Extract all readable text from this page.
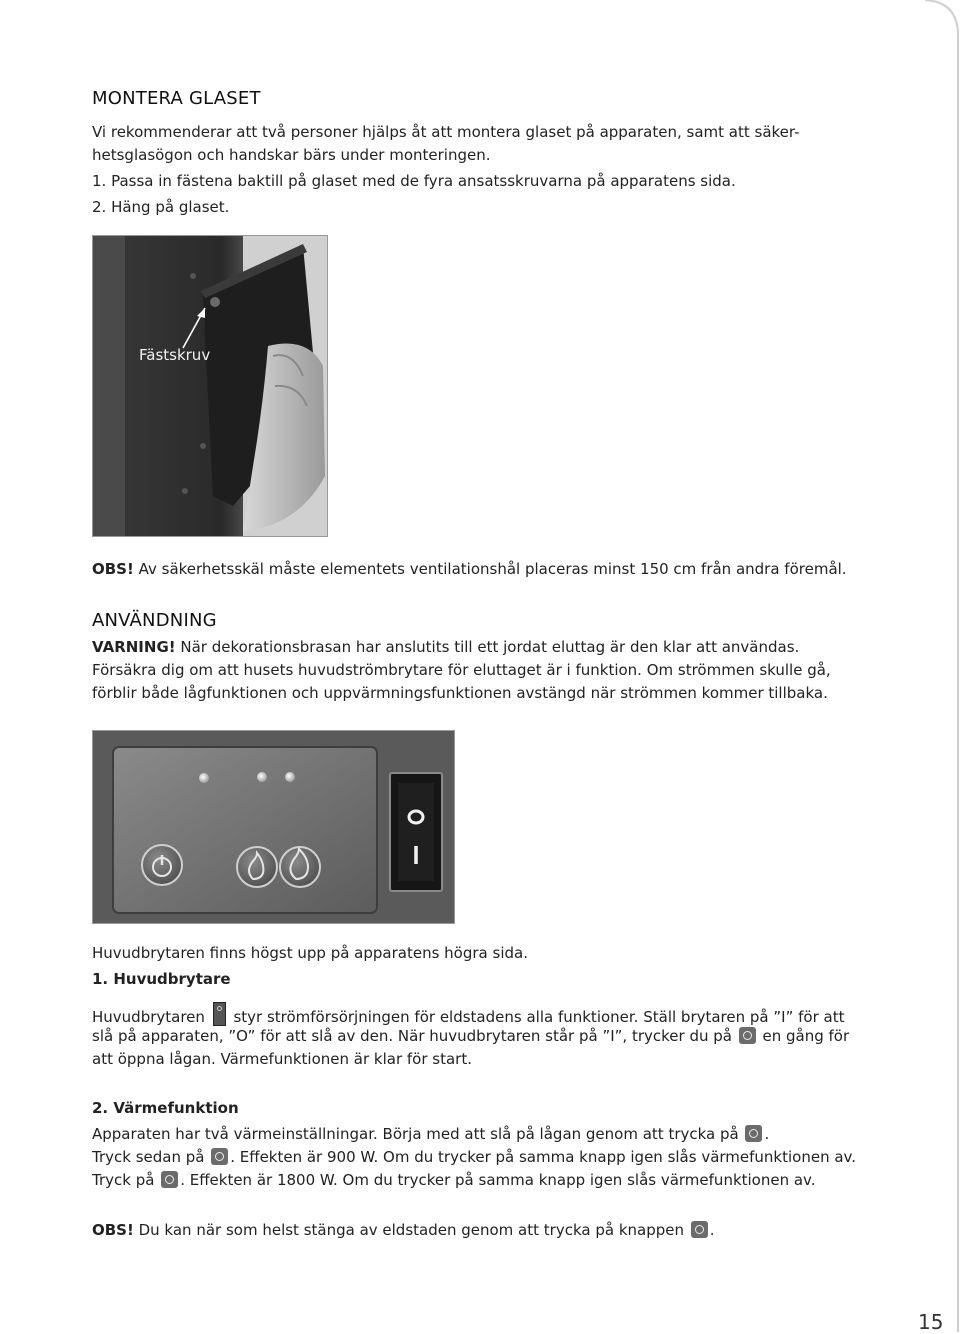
MONTERA GLASET
Vi rekommenderar att två personer hjälps åt att montera glaset på apparaten, samt att säker-
hetsglasögon och handskar bärs under monteringen.
1. Passa in fästena baktill på glaset med de fyra ansatsskruvarna på apparatens sida.
2. Häng på glaset.
Fästskruv
OBS! Av säkerhetsskäl måste elementets ventilationshål placeras minst 150 cm från andra föremål.
ANVÄNDNING
VARNING! När dekorationsbrasan har anslutits till ett jordat eluttag är den klar att användas.
Försäkra dig om att husets huvudströmbrytare för eluttaget är i funktion. Om strömmen skulle gå,
förblir både lågfunktionen och uppvärmningsfunktionen avstängd när strömmen kommer tillbaka.
Huvudbrytaren finns högst upp på apparatens högra sida.
1. Huvudbrytare
Huvudbrytaren  styr strömförsörjningen för eldstadens alla funktioner. Ställ brytaren på ”I” för att
slå på apparaten, ”O” för att slå av den. När huvudbrytaren står på ”I”, trycker du på  en gång för
att öppna lågan. Värmefunktionen är klar för start.
2. Värmefunktion
Apparaten har två värmeinställningar. Börja med att slå på lågan genom att trycka på .
Tryck sedan på . Effekten är 900 W. Om du trycker på samma knapp igen slås värmefunktionen av.
Tryck på . Effekten är 1800 W. Om du trycker på samma knapp igen slås värmefunktionen av.
OBS! Du kan när som helst stänga av eldstaden genom att trycka på knappen .
15
